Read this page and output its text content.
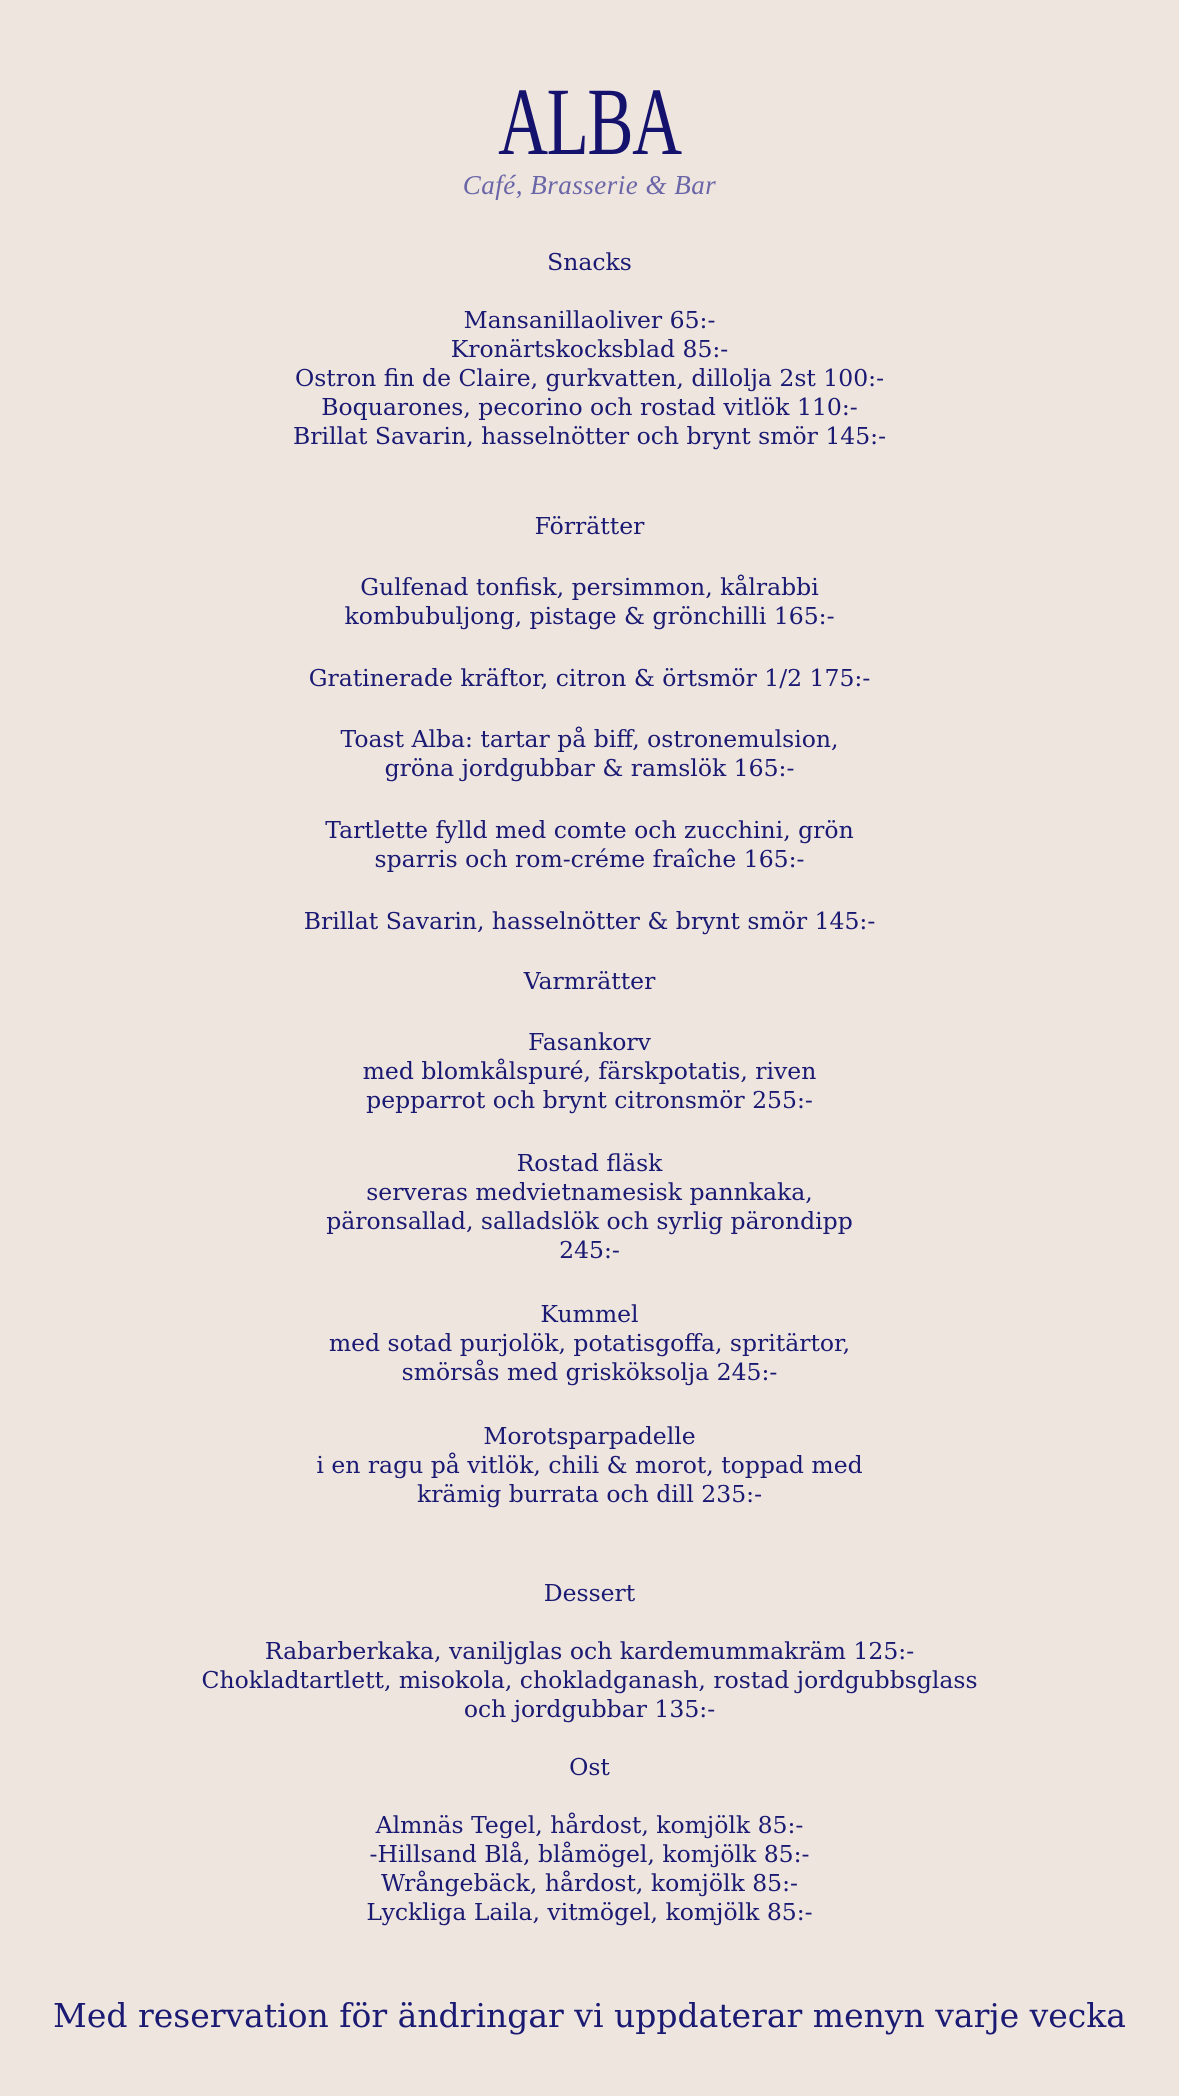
ALBA
Café, Brasserie & Bar
Snacks
Mansanillaoliver 65:-
Kronärtskocksblad 85:-
Ostron fin de Claire, gurkvatten, dillolja 2st 100:-
Boquarones, pecorino och rostad vitlök 110:-
Brillat Savarin, hasselnötter och brynt smör 145:-
Förrätter
Gulfenad tonfisk, persimmon, kålrabbi
kombubuljong, pistage & grönchilli 165:-
Gratinerade kräftor, citron & örtsmör 1/2 175:-
Toast Alba: tartar på biff, ostronemulsion,
gröna jordgubbar & ramslök 165:-
Tartlette fylld med comte och zucchini, grön
sparris och rom-créme fraîche 165:-
Brillat Savarin, hasselnötter & brynt smör 145:-
Varmrätter
Fasankorv
med blomkålspuré, färskpotatis, riven
pepparrot och brynt citronsmör 255:-
Rostad fläsk
serveras medvietnamesisk pannkaka,
päronsallad, salladslök och syrlig pärondipp
245:-
Kummel
med sotad purjolök, potatisgoffa, spritärtor,
smörsås med grisköksolja 245:-
Morotsparpadelle
i en ragu på vitlök, chili & morot, toppad med
krämig burrata och dill 235:-
Dessert
Rabarberkaka, vaniljglas och kardemummakräm 125:-
Chokladtartlett, misokola, chokladganash, rostad jordgubbsglass
och jordgubbar 135:-
Ost
Almnäs Tegel, hårdost, komjölk 85:-
-Hillsand Blå, blåmögel, komjölk 85:-
Wrångebäck, hårdost, komjölk 85:-
Lyckliga Laila, vitmögel, komjölk 85:-
Med reservation för ändringar vi uppdaterar menyn varje vecka
